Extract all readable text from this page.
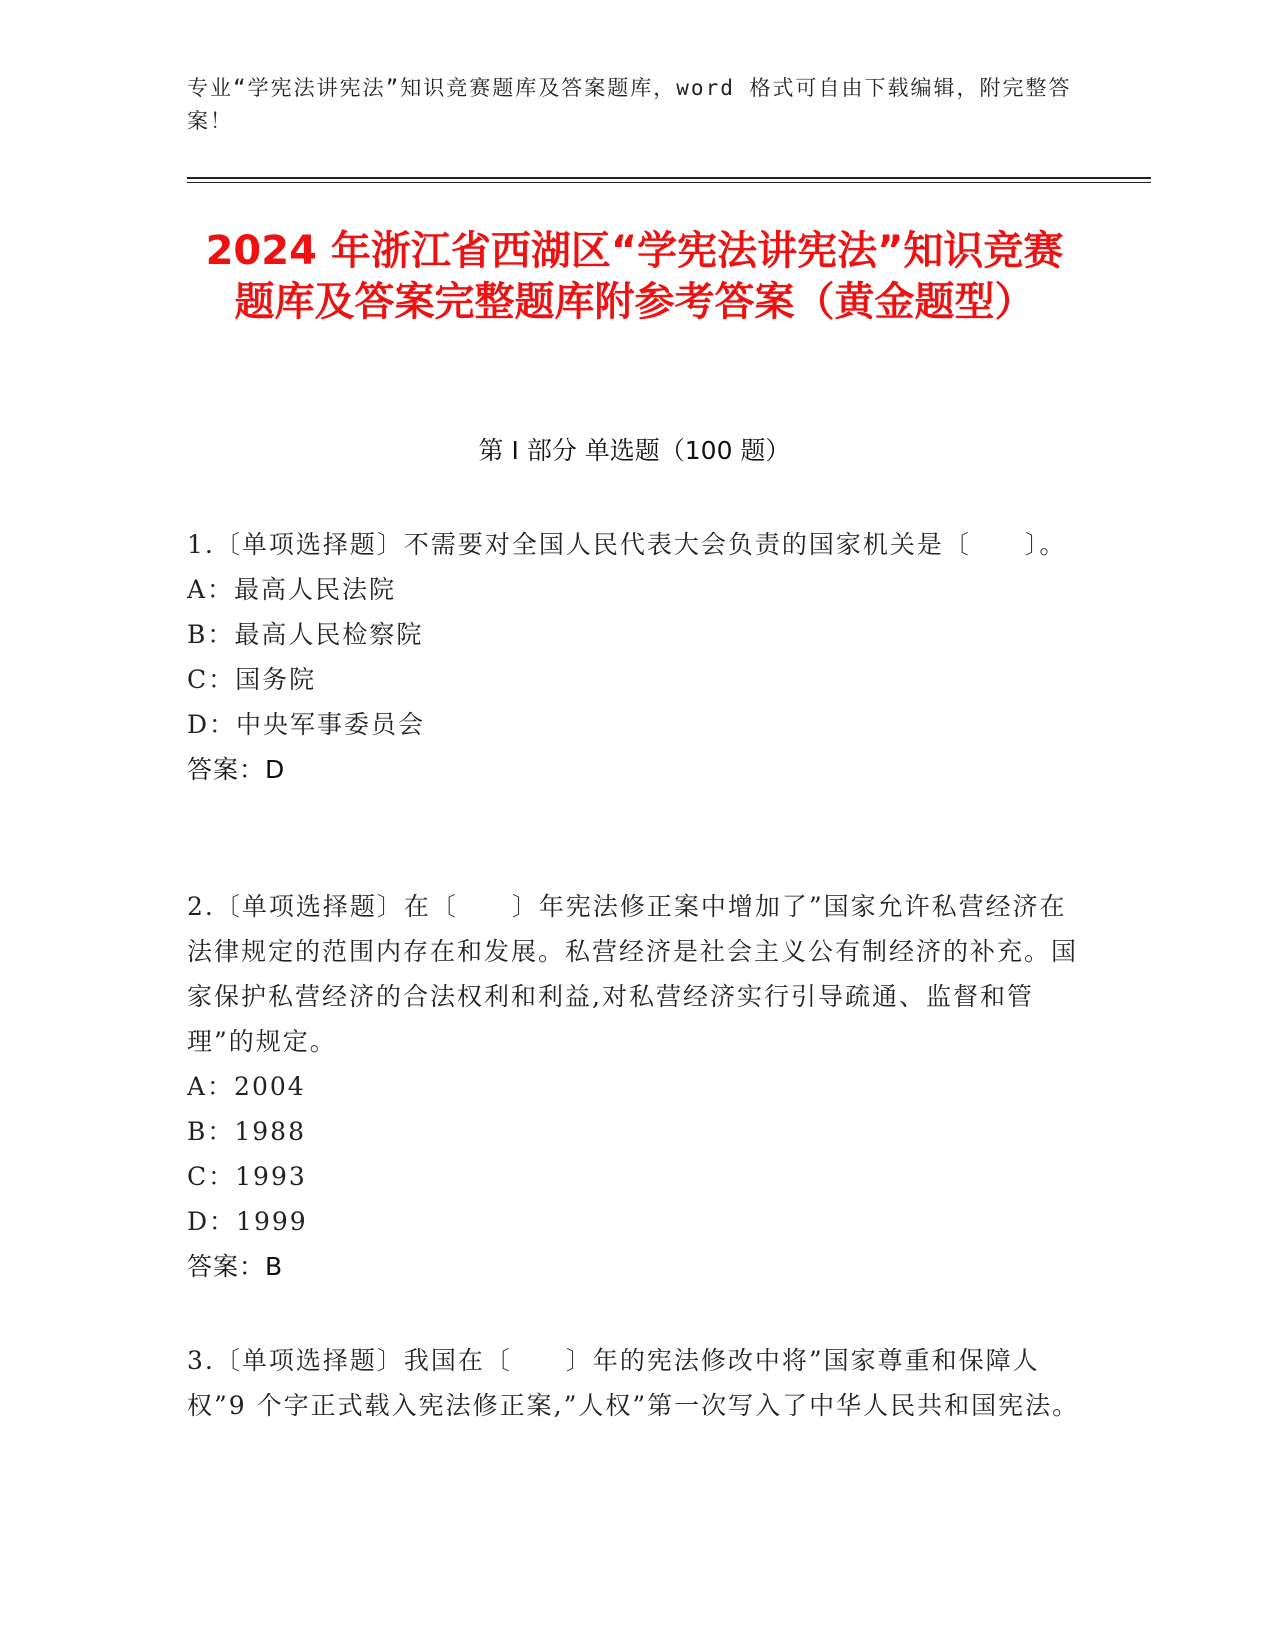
专业“学宪法讲宪法”知识竞赛题库及答案题库，word 格式可自由下载编辑，附完整答案！
2024 年浙江省西湖区“学宪法讲宪法”知识竞赛题库及答案完整题库附参考答案（黄金题型）
第 I 部分 单选题（100 题）

1.〔单项选择题〕不需要对全国人民代表大会负责的国家机关是〔　　〕。

A：最高人民法院

B：最高人民检察院

C：国务院

D：中央军事委员会

答案：D

2.〔单项选择题〕在〔　　〕年宪法修正案中增加了”国家允许私营经济在法律规定的范围内存在和发展。私营经济是社会主义公有制经济的补充。国家保护私营经济的合法权利和利益,对私营经济实行引导疏通、监督和管理”的规定。

A：2004

B：1988

C：1993

D：1999

答案：B

3.〔单项选择题〕我国在〔　　〕年的宪法修改中将”国家尊重和保障人权”9 个字正式载入宪法修正案,”人权”第一次写入了中华人民共和国宪法。
